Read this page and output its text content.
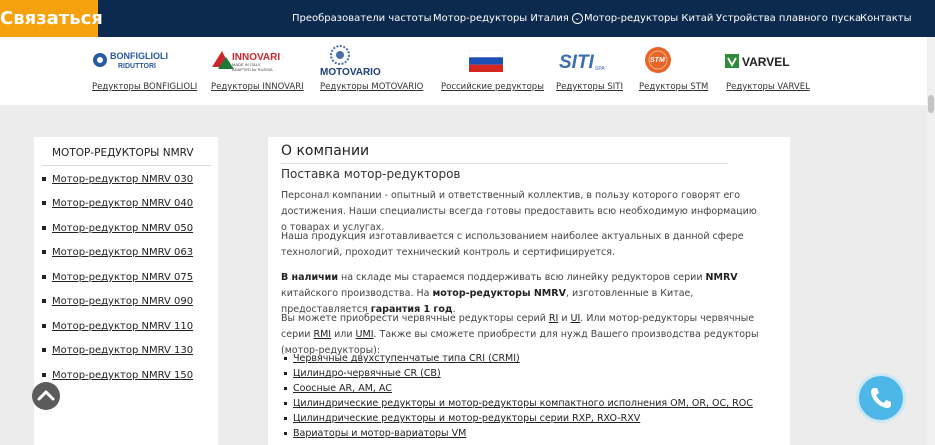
Связаться	Преобразователи частоты Мотор-редукторы Италия ⌄ Мотор-редукторы Китай Устройства плавного пуска
Контакты
BONFIGLIOLI
RIDUTTORI
Редукторы BONFIGLIOLI
INNOVARI
MADE IN ITALY,
ADAPTED for RUSSIA
Редукторы INNOVARI
MOTOVARIO
Редукторы MOTOVARIO Российские редукторы
SITI SPA
Редукторы SITI
STM
Редукторы STM
VARVEL
Редукторы VARVEL
МОТОР-РЕДУКТОРЫ NMRV
Мотор-редуктор NMRV 030
Мотор-редуктор NMRV 040
Мотор-редуктор NMRV 050
Мотор-редуктор NMRV 063
Мотор-редуктор NMRV 075
Мотор-редуктор NMRV 090
Мотор-редуктор NMRV 110
Мотор-редуктор NMRV 130
Мотор-редуктор NMRV 150
О компании
Поставка мотор-редукторов
Персонал компании - опытный и ответственный коллектив, в пользу которого говорят его достижения. Наши специалисты всегда готовы предоставить всю необходимую информацию о товарах и услугах.
Наша продукция изготавливается с использованием наиболее актуальных в данной сфере технологий, проходит технический контроль и сертифицируется.
В наличии на складе мы стараемся поддерживать всю линейку редукторов серии NMRV китайского производства. На мотор-редукторы NMRV, изготовленные в Китае, предоставляется гарантия 1 год.
Вы можете приобрести червячные редукторы серий RI и UI. Или мотор-редукторы червячные серии RMI или UMI. Также вы сможете приобрести для нужд Вашего производства редукторы (мотор-редукторы):
Червячные двухступенчатые типа CRI (CRMI)
Цилиндро-червячные CR (CB)
Соосные AR, AM, AC
Цилиндрические редукторы и мотор-редукторы компактного исполнения OM, OR, OC, ROC
Цилиндрические редукторы и мотор-редукторы серии RXP, RXO-RXV
Вариаторы и мотор-вариаторы VM
